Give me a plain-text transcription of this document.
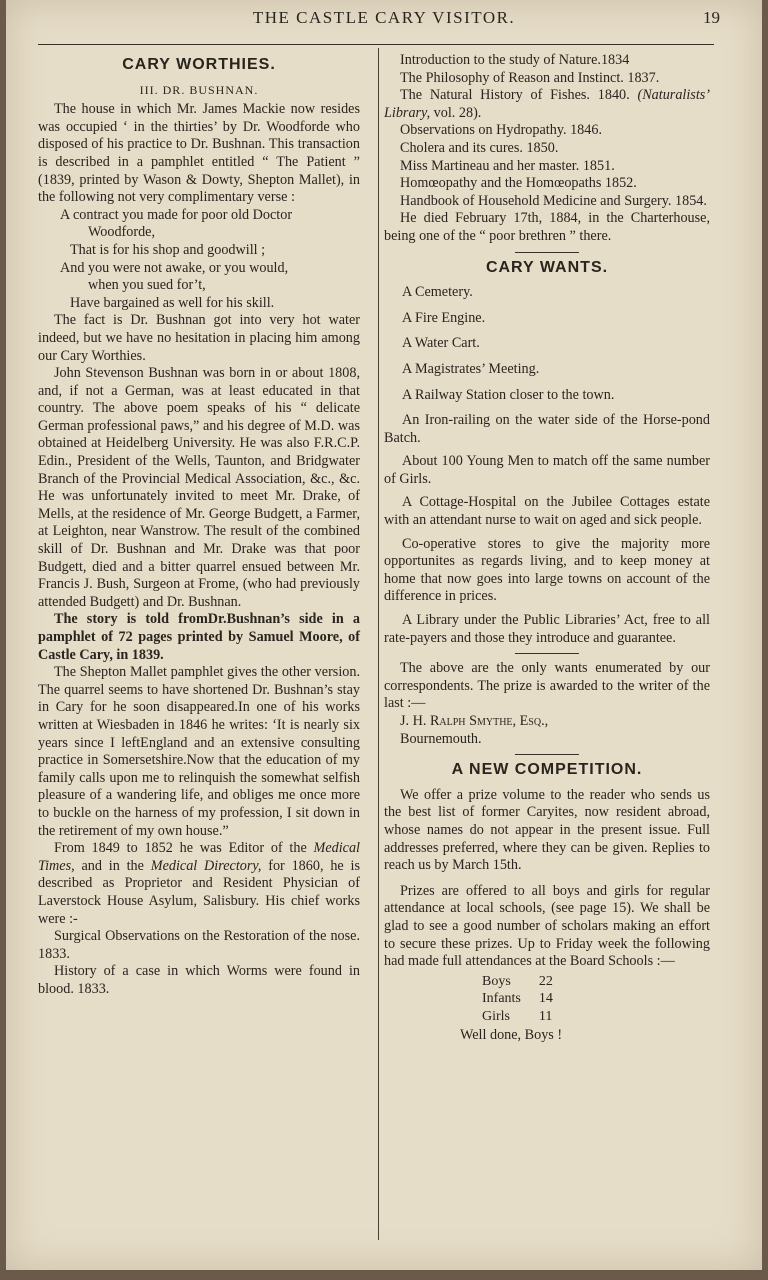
THE CASTLE CARY VISITOR.	19
CARY WORTHIES.
III. DR. BUSHNAN.

The house in which Mr. James Mackie now resides was occupied ‘ in the thirties’ by Dr. Woodforde who disposed of his practice to Dr. Bushnan. This transaction is described in a pamphlet entitled “ The Patient ” (1839, printed by Wason & Dowty, Shepton Mallet), in the following not very complimentary verse :

A contract you made for poor old Doctor
Woodforde,

That is for his shop and goodwill ;

And you were not awake, or you would,
when you sued for’t,

Have bargained as well for his skill.

The fact is Dr. Bushnan got into very hot water indeed, but we have no hesitation in placing him among our Cary Worthies.

John Stevenson Bushnan was born in or about 1808, and, if not a German, was at least educated in that country. The above poem speaks of his “ delicate German professional paws,” and his degree of M.D. was obtained at Heidelberg University. He was also F.R.C.P. Edin., President of the Wells, Taunton, and Bridgwater Branch of the Provincial Medical Association, &c., &c. He was unfortunately invited to meet Mr. Drake, of Mells, at the residence of Mr. George Budgett, a Farmer, at Leighton, near Wanstrow. The result of the combined skill of Dr. Bushnan and Mr. Drake was that poor Budgett, died and a bitter quarrel ensued between Mr. Francis J. Bush, Surgeon at Frome, (who had previously attended Budgett) and Dr. Bushnan.

The story is told fromDr.Bushnan’s side in a pamphlet of 72 pages printed by Samuel Moore, of Castle Cary, in 1839.

The Shepton Mallet pamphlet gives the other version. The quarrel seems to have shortened Dr. Bushnan’s stay in Cary for he soon disappeared.In one of his works written at Wiesbaden in 1846 he writes: ‘It is nearly six years since I leftEngland and an extensive consulting practice in Somersetshire.Now that the education of my family calls upon me to relinquish the somewhat selfish pleasure of a wandering life, and obliges me once more to buckle on the harness of my profession, I sit down in the retirement of my own house.”

From 1849 to 1852 he was Editor of the Medical Times, and in the Medical Directory, for 1860, he is described as Proprietor and Resident Physician of Laverstock House Asylum, Salisbury. His chief works were :-

Surgical Observations on the Restoration of the nose. 1833.

History of a case in which Worms were found in blood. 1833.

Introduction to the study of Nature.1834

The Philosophy of Reason and Instinct. 1837.

The Natural History of Fishes. 1840. (Naturalists’ Library, vol. 28).

Observations on Hydropathy. 1846.

Cholera and its cures. 1850.

Miss Martineau and her master. 1851.

Homœopathy and the Homœopaths 1852.

Handbook of Household Medicine and Surgery. 1854.

He died February 17th, 1884, in the Charterhouse, being one of the “ poor brethren ” there.

CARY WANTS.

A Cemetery.

A Fire Engine.

A Water Cart.

A Magistrates’ Meeting.

A Railway Station closer to the town.

An Iron-railing on the water side of the Horse-pond Batch.

About 100 Young Men to match off the same number of Girls.

A Cottage-Hospital on the Jubilee Cottages estate with an attendant nurse to wait on aged and sick people.

Co-operative stores to give the majority more opportunites as regards living, and to keep money at home that now goes into large towns on account of the difference in prices.

A Library under the Public Libraries’ Act, free to all rate-payers and those they introduce and guarantee.

The above are the only wants enumerated by our correspondents. The prize is awarded to the writer of the last :—

J. H. Ralph Smythe, Esq.,

Bournemouth.

A NEW COMPETITION.

We offer a prize volume to the reader who sends us the best list of former Caryites, now resident abroad, whose names do not appear in the present issue. Full addresses preferred, where they can be given. Replies to reach us by March 15th.

Prizes are offered to all boys and girls for regular attendance at local schools, (see page 15). We shall be glad to see a good number of scholars making an effort to secure these prizes. Up to Friday week the following had made full attendances at the Board Schools :—

Boys	22
Infants	14
Girls	11

Well done, Boys !
